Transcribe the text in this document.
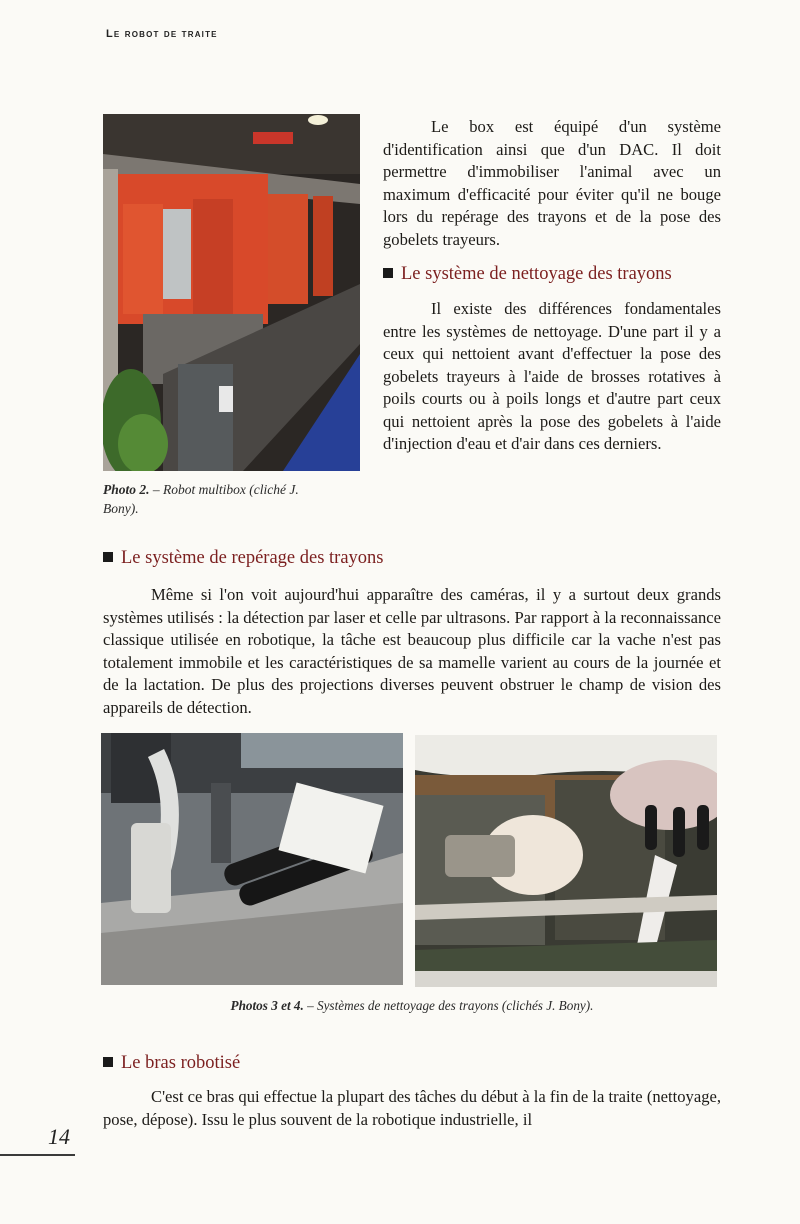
Le robot de traite

Photo 2. – Robot multibox (cliché J. Bony).

Le box est équipé d'un système d'identification ainsi que d'un DAC. Il doit permettre d'immobiliser l'animal avec un maximum d'efficacité pour éviter qu'il ne bouge lors du repérage des trayons et de la pose des gobelets trayeurs.

Le système de nettoyage des trayons

Il existe des différences fondamentales entre les systèmes de nettoyage. D'une part il y a ceux qui nettoient avant d'effectuer la pose des gobelets trayeurs à l'aide de brosses rotatives à poils courts ou à poils longs et d'autre part ceux qui nettoient après la pose des gobelets à l'aide d'injection d'eau et d'air dans ces derniers.

Le système de repérage des trayons

Même si l'on voit aujourd'hui apparaître des caméras, il y a surtout deux grands systèmes utilisés : la détection par laser et celle par ultrasons. Par rapport à la reconnaissance classique utilisée en robotique, la tâche est beaucoup plus difficile car la vache n'est pas totalement immobile et les caractéristiques de sa mamelle varient au cours de la journée et de la lactation. De plus des projections diverses peuvent obstruer le champ de vision des appareils de détection.

Photos 3 et 4. – Systèmes de nettoyage des trayons (clichés J. Bony).

Le bras robotisé

C'est ce bras qui effectue la plupart des tâches du début à la fin de la traite (nettoyage, pose, dépose). Issu le plus souvent de la robotique industrielle, il

14
